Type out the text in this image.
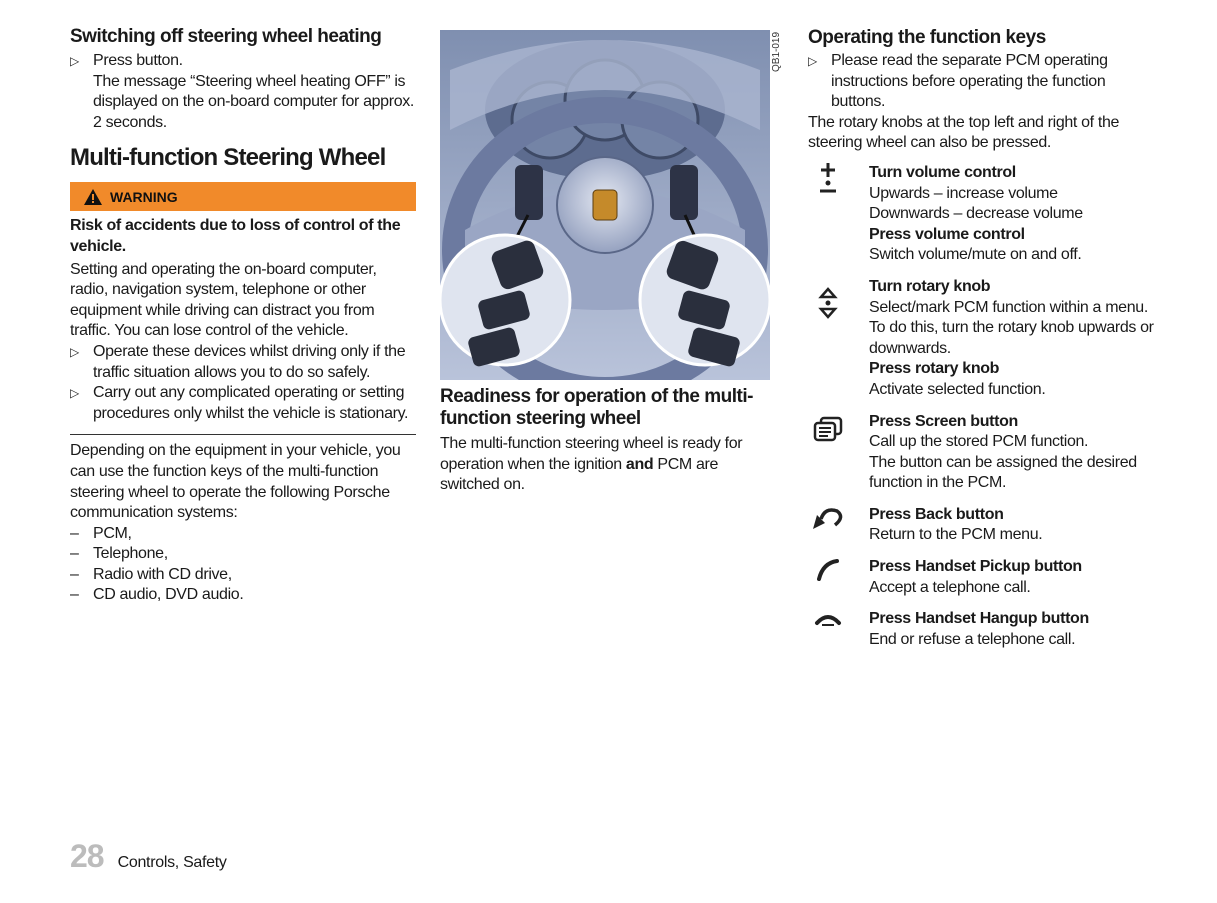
Switching off steering wheel heating

▷ Press button.

The message “Steering wheel heating OFF” is displayed on the on-board computer for approx. 2 seconds.

Multi-function Steering Wheel

WARNING

Risk of accidents due to loss of control of the vehicle.

Setting and operating the on-board computer, radio, navigation system, telephone or other equipment while driving can distract you from traffic. You can lose control of the vehicle.

▷ Operate these devices whilst driving only if the traffic situation allows you to do so safely.
▷ Carry out any complicated operating or setting procedures only whilst the vehicle is stationary.

Depending on the equipment in your vehicle, you can use the function keys of the multi-function steering wheel to operate the following Porsche communication systems:

– PCM,
– Telephone,
– Radio with CD drive,
– CD audio, DVD audio.
QB1-019

Readiness for operation of the multi-function steering wheel

The multi-function steering wheel is ready for operation when the ignition and PCM are switched on.

Operating the function keys

▷ Please read the separate PCM operating instructions before operating the function buttons.

The rotary knobs at the top left and right of the steering wheel can also be pressed.

Turn volume control

Upwards – increase volume

Downwards – decrease volume

Press volume control

Switch volume/mute on and off.

Turn rotary knob

Select/mark PCM function within a menu.

To do this, turn the rotary knob upwards or downwards.

Press rotary knob

Activate selected function.

Press Screen button

Call up the stored PCM function.

The button can be assigned the desired function in the PCM.

Press Back button

Return to the PCM menu.

Press Handset Pickup button

Accept a telephone call.

Press Handset Hangup button

End or refuse a telephone call.

28 Controls, Safety
